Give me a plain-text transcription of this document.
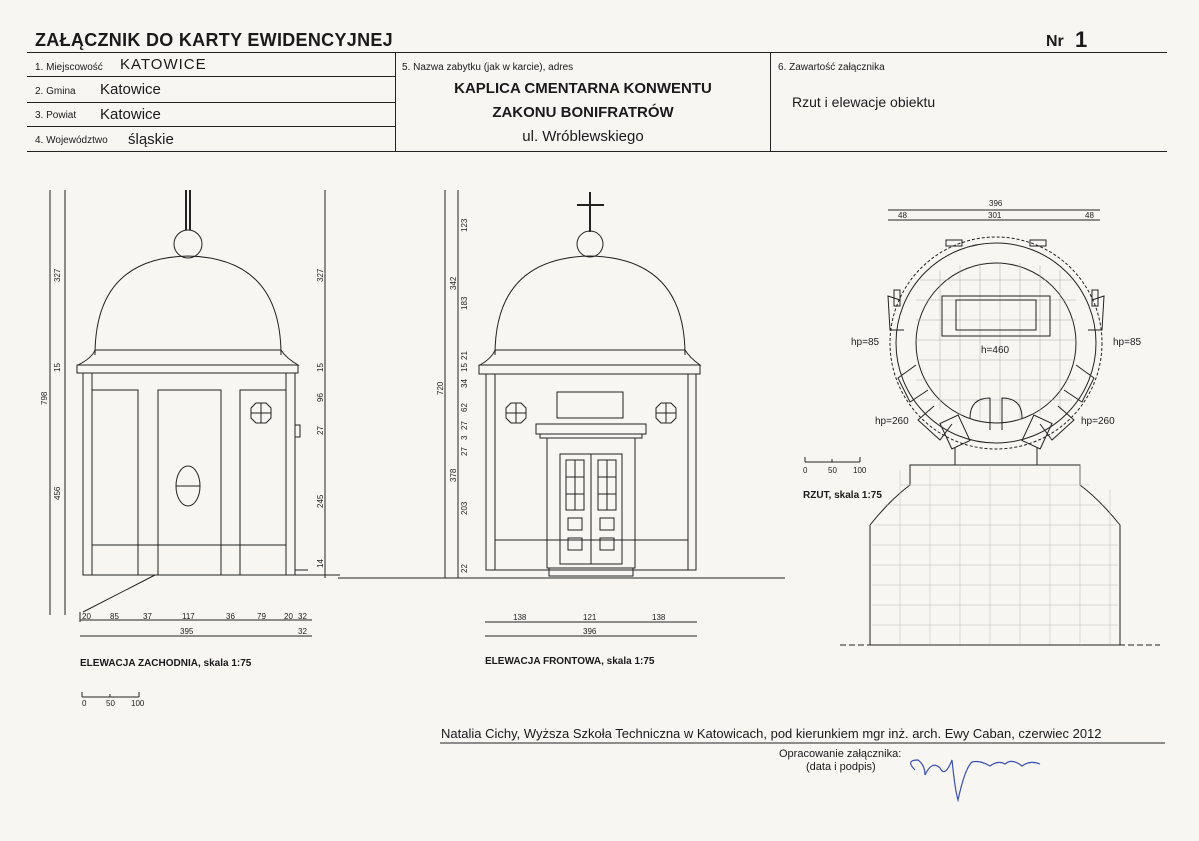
ZAŁĄCZNIK DO KARTY EWIDENCYJNEJ	Nr 1
1. Miejscowość KATOWICE
2. Gmina Katowice
3. Powiat Katowice
4. Województwo śląskie
5. Nazwa zabytku (jak w karcie), adres
KAPLICA CMENTARNA KONWENTU
ZAKONU BONIFRATRÓW
ul. Wróblewskiego
6. Zawartość załącznika
Rzut i elewacje obiektu
327
15
798
456
327
15
96
27
245
14
20 85	37	117	36	79 20 32
395	32
123
342
183
21
15
34
720
62
27
3
27
378
203
22
138	121	138
396
396
48	301	48
0 50 100
0	50 100
hp=85	hp=85
h=460
hp=260	hp=260
ELEWACJA ZACHODNIA, skala 1:75	ELEWACJA FRONTOWA, skala 1:75
RZUT, skala 1:75
Natalia Cichy, Wyższa Szkoła Techniczna w Katowicach, pod kierunkiem mgr inż. arch. Ewy Caban, czerwiec 2012
Opracowanie załącznika:
(data i podpis)
